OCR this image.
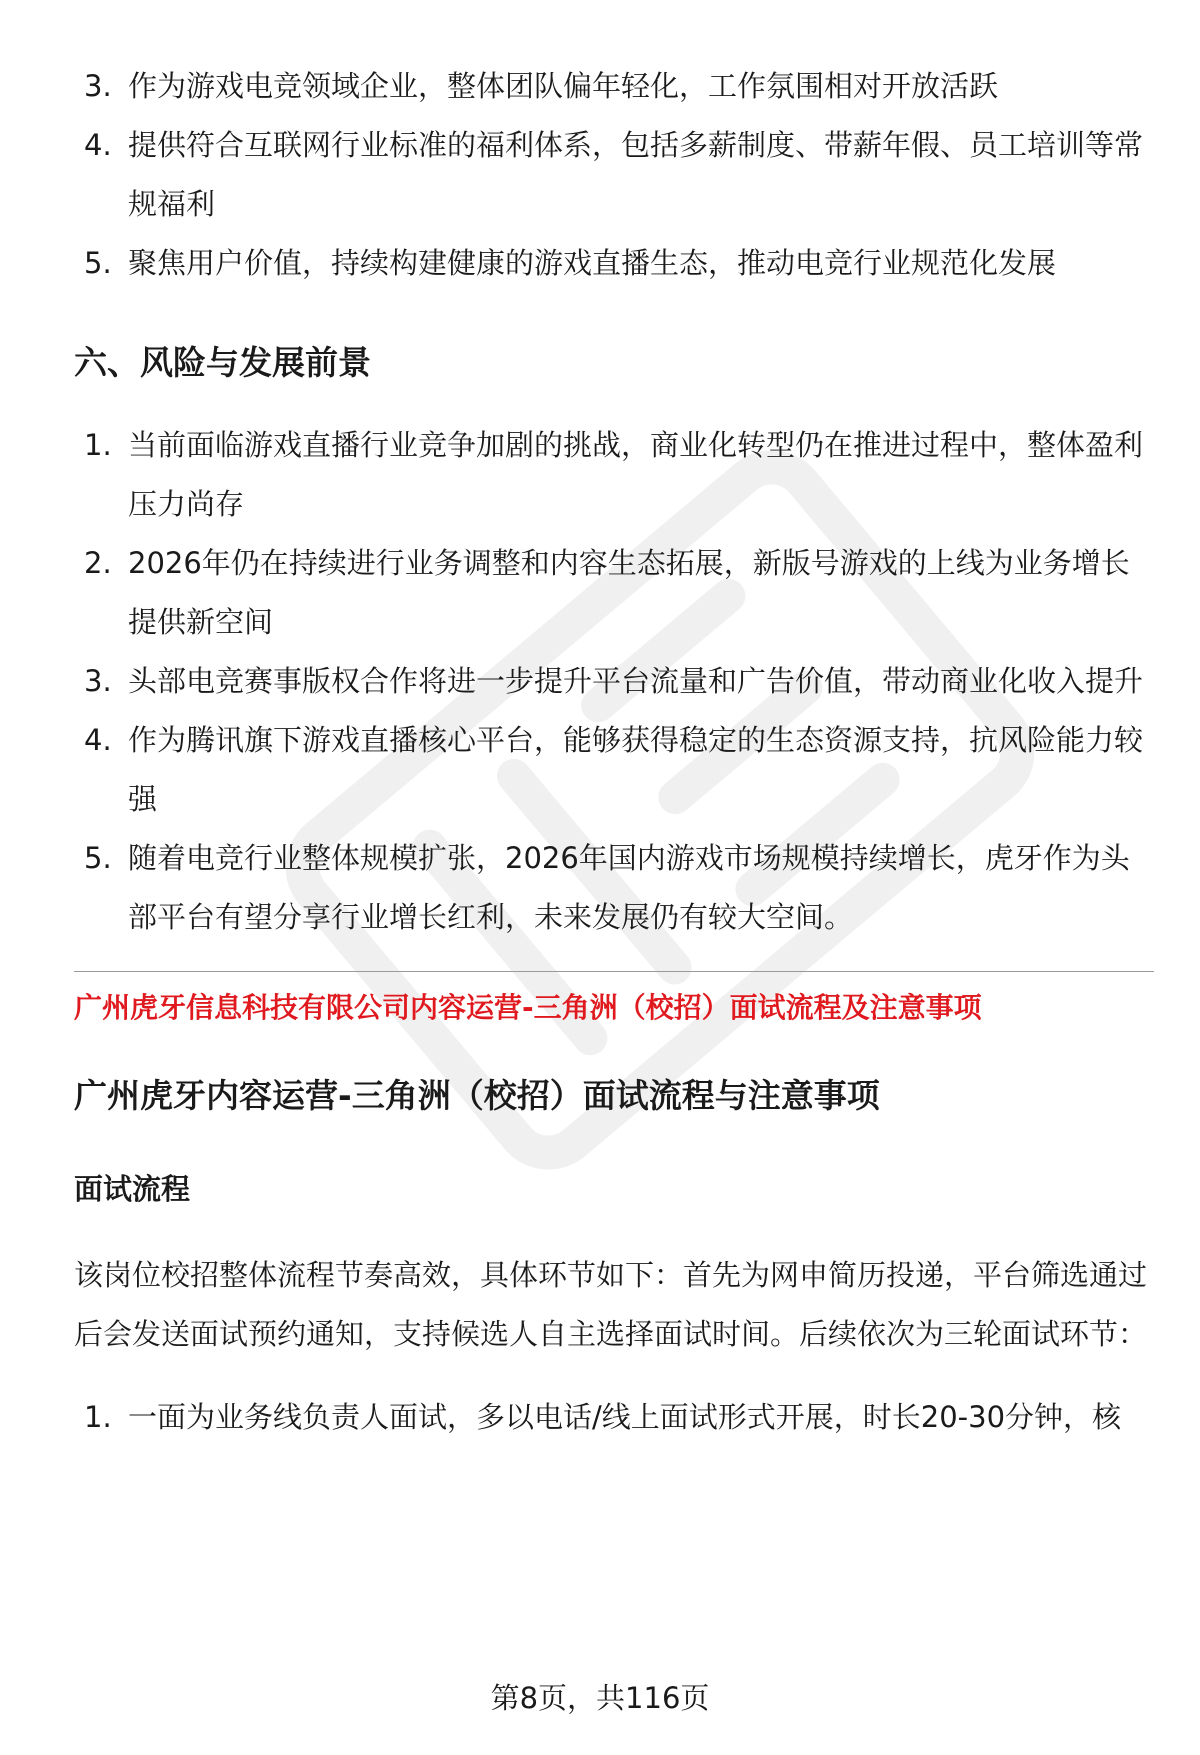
3. 作为游戏电竞领域企业，整体团队偏年轻化，工作氛围相对开放活跃
4. 提供符合互联网行业标准的福利体系，包括多薪制度、带薪年假、员工培训等常规福利
5. 聚焦用户价值，持续构建健康的游戏直播生态，推动电竞行业规范化发展
六、风险与发展前景
1. 当前面临游戏直播行业竞争加剧的挑战，商业化转型仍在推进过程中，整体盈利压力尚存
2. 2026年仍在持续进行业务调整和内容生态拓展，新版号游戏的上线为业务增长提供新空间
3. 头部电竞赛事版权合作将进一步提升平台流量和广告价值，带动商业化收入提升
4. 作为腾讯旗下游戏直播核心平台，能够获得稳定的生态资源支持，抗风险能力较强
5. 随着电竞行业整体规模扩张，2026年国内游戏市场规模持续增长，虎牙作为头部平台有望分享行业增长红利，未来发展仍有较大空间。
广州虎牙信息科技有限公司内容运营-三角洲（校招）面试流程及注意事项
广州虎牙内容运营-三角洲（校招）面试流程与注意事项
面试流程

该岗位校招整体流程节奏高效，具体环节如下：首先为网申简历投递，平台筛选通过后会发送面试预约通知，支持候选人自主选择面试时间。后续依次为三轮面试环节：

1. 一面为业务线负责人面试，多以电话/线上面试形式开展，时长20-30分钟，核
第8页，共116页
